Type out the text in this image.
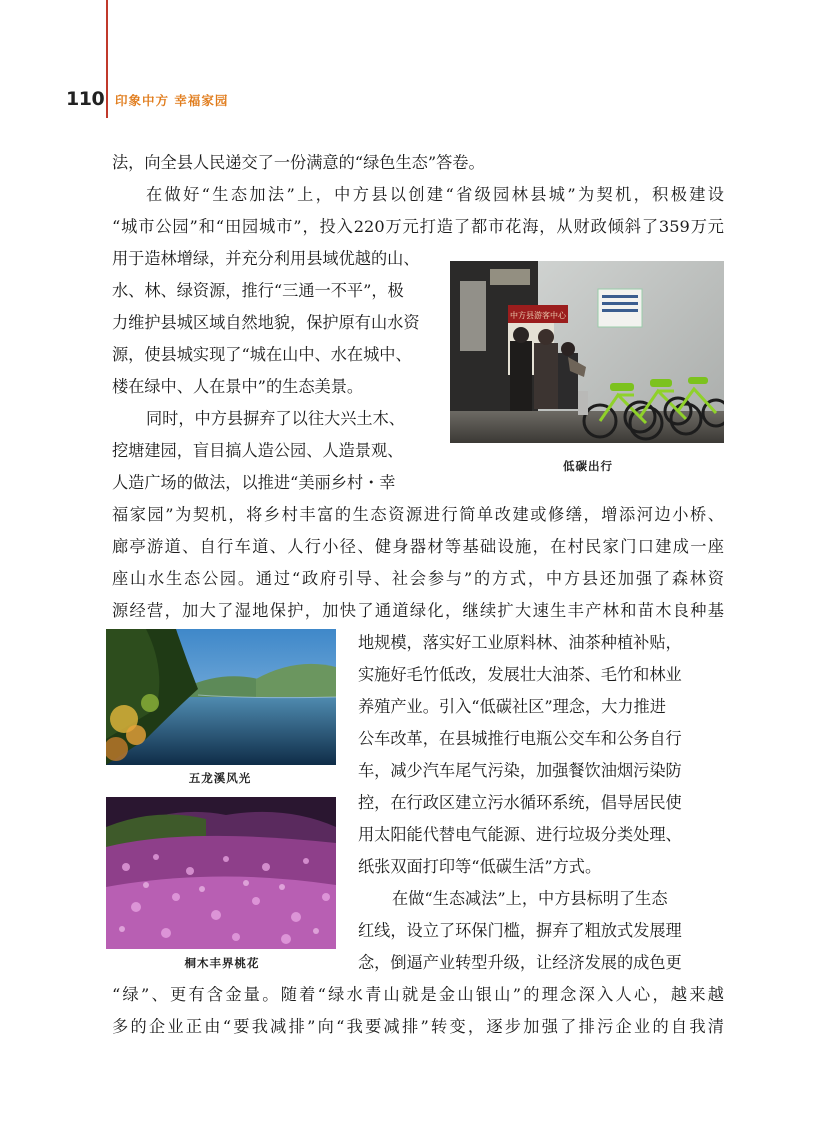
110 印象中方 幸福家园
法，向全县人民递交了一份满意的“绿色生态”答卷。
在做好“生态加法”上，中方县以创建“省级园林县城”为契机，积极建设
“城市公园”和“田园城市”，投入220万元打造了都市花海，从财政倾斜了359万元
用于造林增绿，并充分利用县域优越的山、
水、林、绿资源，推行“三通一不平”，极
力维护县城区域自然地貌，保护原有山水资
源，使县城实现了“城在山中、水在城中、
楼在绿中、人在景中”的生态美景。
同时，中方县摒弃了以往大兴土木、
挖塘建园，盲目搞人造公园、人造景观、
人造广场的做法，以推进“美丽乡村・幸
福家园”为契机，将乡村丰富的生态资源进行简单改建或修缮，增添河边小桥、
廊亭游道、自行车道、人行小径、健身器材等基础设施，在村民家门口建成一座
座山水生态公园。通过“政府引导、社会参与”的方式，中方县还加强了森林资
源经营，加大了湿地保护，加快了通道绿化，继续扩大速生丰产林和苗木良种基
地规模，落实好工业原料林、油茶种植补贴，
实施好毛竹低改，发展壮大油茶、毛竹和林业
养殖产业。引入“低碳社区”理念，大力推进
公车改革，在县城推行电瓶公交车和公务自行
车，减少汽车尾气污染，加强餐饮油烟污染防
控，在行政区建立污水循环系统，倡导居民使
用太阳能代替电气能源、进行垃圾分类处理、
纸张双面打印等“低碳生活”方式。
在做“生态减法”上，中方县标明了生态
红线，设立了环保门槛，摒弃了粗放式发展理
念，倒逼产业转型升级，让经济发展的成色更
“绿”、更有含金量。随着“绿水青山就是金山银山”的理念深入人心，越来越
多的企业正由“要我减排”向“我要减排”转变，逐步加强了排污企业的自我清
中方县游客中心
低碳出行
五龙溪风光
桐木丰界桃花
